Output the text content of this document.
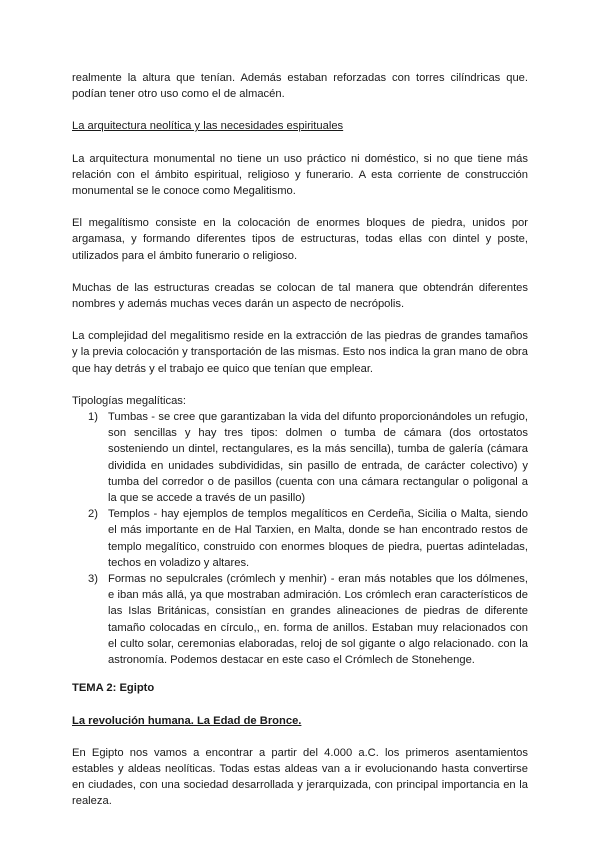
realmente la altura que tenían. Además estaban reforzadas con torres cilíndricas que. podían tener otro uso como el de almacén.

La arquitectura neolítica y las necesidades espirituales

La arquitectura monumental no tiene un uso práctico ni doméstico, si no que tiene más relación con el ámbito espiritual, religioso y funerario. A esta corriente de construcción monumental se le conoce como Megalitismo.

El megalítismo consiste en la colocación de enormes bloques de piedra, unidos por argamasa, y formando diferentes tipos de estructuras, todas ellas con dintel y poste, utilizados para el ámbito funerario o religioso.

Muchas de las estructuras creadas se colocan de tal manera que obtendrán diferentes nombres y además muchas veces darán un aspecto de necrópolis.

La complejidad del megalitismo reside en la extracción de las piedras de grandes tamaños y la previa colocación y transportación de las mismas. Esto nos indica la gran mano de obra que hay detrás y el trabajo ee quico que tenían que emplear.

Tipologías megalíticas:

1) Tumbas - se cree que garantizaban la vida del difunto proporcionándoles un refugio, son sencillas y hay tres tipos: dolmen o tumba de cámara (dos ortostatos sosteniendo un dintel, rectangulares, es la más sencilla), tumba de galería (cámara dividida en unidades subdivididas, sin pasillo de entrada, de carácter colectivo) y tumba del corredor o de pasillos (cuenta con una cámara rectangular o poligonal a la que se accede a través de un pasillo)
2) Templos - hay ejemplos de templos megalíticos en Cerdeña, Sicilia o Malta, siendo el más importante en de Hal Tarxien, en Malta, donde se han encontrado restos de templo megalítico, construido con enormes bloques de piedra, puertas adinteladas, techos en voladizo y altares.
3) Formas no sepulcrales (crómlech y menhir) - eran más notables que los dólmenes, e iban más allá, ya que mostraban admiración. Los crómlech eran característicos de las Islas Británicas, consistían en grandes alineaciones de piedras de diferente tamaño colocadas en círculo,, en. forma de anillos. Estaban muy relacionados con el culto solar, ceremonias elaboradas, reloj de sol gigante o algo relacionado. con la astronomía. Podemos destacar en este caso el Crómlech de Stonehenge.

TEMA 2: Egipto

La revolución humana. La Edad de Bronce.

En Egipto nos vamos a encontrar a partir del 4.000 a.C. los primeros asentamientos estables y aldeas neolíticas. Todas estas aldeas van a ir evolucionando hasta convertirse en ciudades, con una sociedad desarrollada y jerarquizada, con principal importancia en la realeza.
